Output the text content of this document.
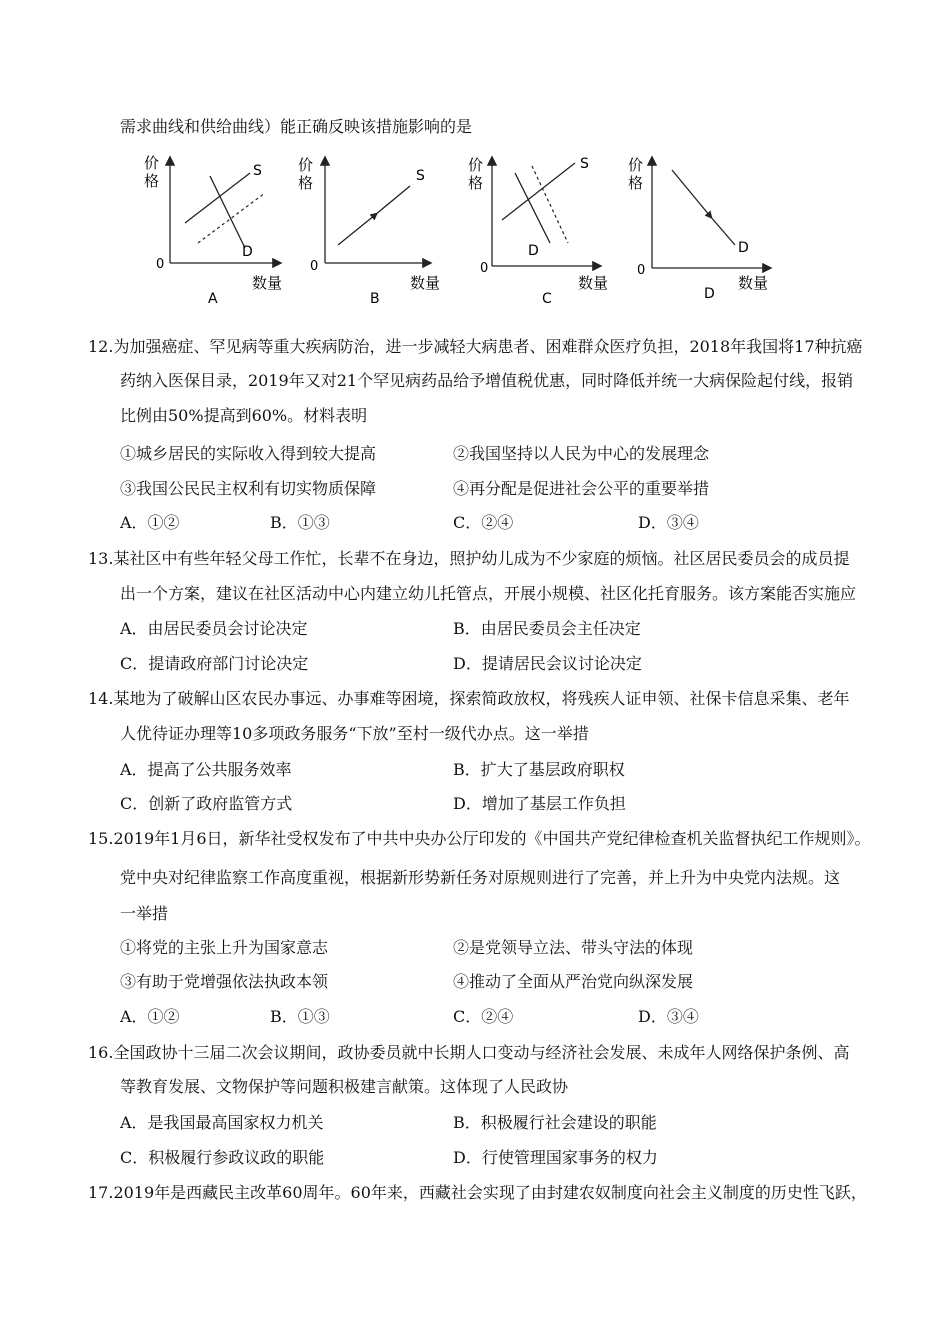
需求曲线和供给曲线）能正确反映该措施影响的是
价
格
0
数量
S
D
A
价
格
0
数量
S
B
价
格
0
数量
S
D
C
价
格
0
数量
D
D
12.为加强癌症、罕见病等重大疾病防治，进一步减轻大病患者、困难群众医疗负担，2018年我国将17种抗癌
药纳入医保目录，2019年又对21个罕见病药品给予增值税优惠，同时降低并统一大病保险起付线，报销
比例由50%提高到60%。材料表明
①城乡居民的实际收入得到较大提高	②我国坚持以人民为中心的发展理念
③我国公民民主权利有切实物质保障	④再分配是促进社会公平的重要举措
A．①②	B．①③	C．②④	D．③④
13.某社区中有些年轻父母工作忙，长辈不在身边，照护幼儿成为不少家庭的烦恼。社区居民委员会的成员提
出一个方案，建议在社区活动中心内建立幼儿托管点，开展小规模、社区化托育服务。该方案能否实施应
A．由居民委员会讨论决定	B．由居民委员会主任决定
C．提请政府部门讨论决定	D．提请居民会议讨论决定
14.某地为了破解山区农民办事远、办事难等困境，探索简政放权，将残疾人证申领、社保卡信息采集、老年
人优待证办理等10多项政务服务“下放”至村一级代办点。这一举措
A．提高了公共服务效率	B．扩大了基层政府职权
C．创新了政府监管方式	D．增加了基层工作负担
15.2019年1月6日，新华社受权发布了中共中央办公厅印发的《中国共产党纪律检查机关监督执纪工作规则》。
党中央对纪律监察工作高度重视，根据新形势新任务对原规则进行了完善，并上升为中央党内法规。这
一举措
①将党的主张上升为国家意志	②是党领导立法、带头守法的体现
③有助于党增强依法执政本领	④推动了全面从严治党向纵深发展
A．①②	B．①③	C．②④	D．③④
16.全国政协十三届二次会议期间，政协委员就中长期人口变动与经济社会发展、未成年人网络保护条例、高
等教育发展、文物保护等问题积极建言献策。这体现了人民政协
A．是我国最高国家权力机关	B．积极履行社会建设的职能
C．积极履行参政议政的职能	D．行使管理国家事务的权力
17.2019年是西藏民主改革60周年。60年来，西藏社会实现了由封建农奴制度向社会主义制度的历史性飞跃，
